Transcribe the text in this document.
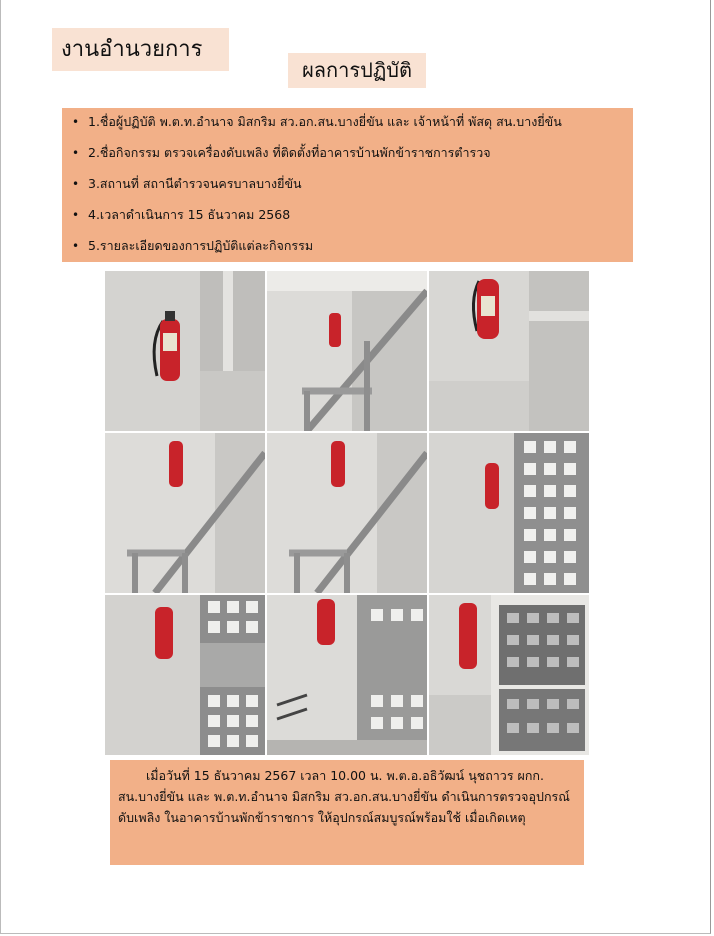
งานอำนวยการ
ผลการปฏิบัติ
• 1.ชื่อผู้ปฏิบัติ พ.ต.ท.อำนาจ มิสกริม สว.อก.สน.บางยี่ขัน และ เจ้าหน้าที่ พัสดุ สน.บางยี่ขัน
• 2.ชื่อกิจกรรม ตรวจเครื่องดับเพลิง ที่ติดตั้งที่อาคารบ้านพักข้าราชการตำรวจ
• 3.สถานที่ สถานีตำรวจนครบาลบางยี่ขัน
• 4.เวลาดำเนินการ 15 ธันวาคม 2568
• 5.รายละเอียดของการปฏิบัติแต่ละกิจกรรม

เมื่อวันที่ 15 ธันวาคม 2567 เวลา 10.00 น. พ.ต.อ.อธิวัฒน์ นุชถาวร ผกก. สน.บางยี่ขัน และ พ.ต.ท.อำนาจ มิสกริม สว.อก.สน.บางยี่ขัน ดำเนินการตรวจอุปกรณ์ดับเพลิง ในอาคารบ้านพักข้าราชการ ให้อุปกรณ์สมบูรณ์พร้อมใช้ เมื่อเกิดเหตุ
